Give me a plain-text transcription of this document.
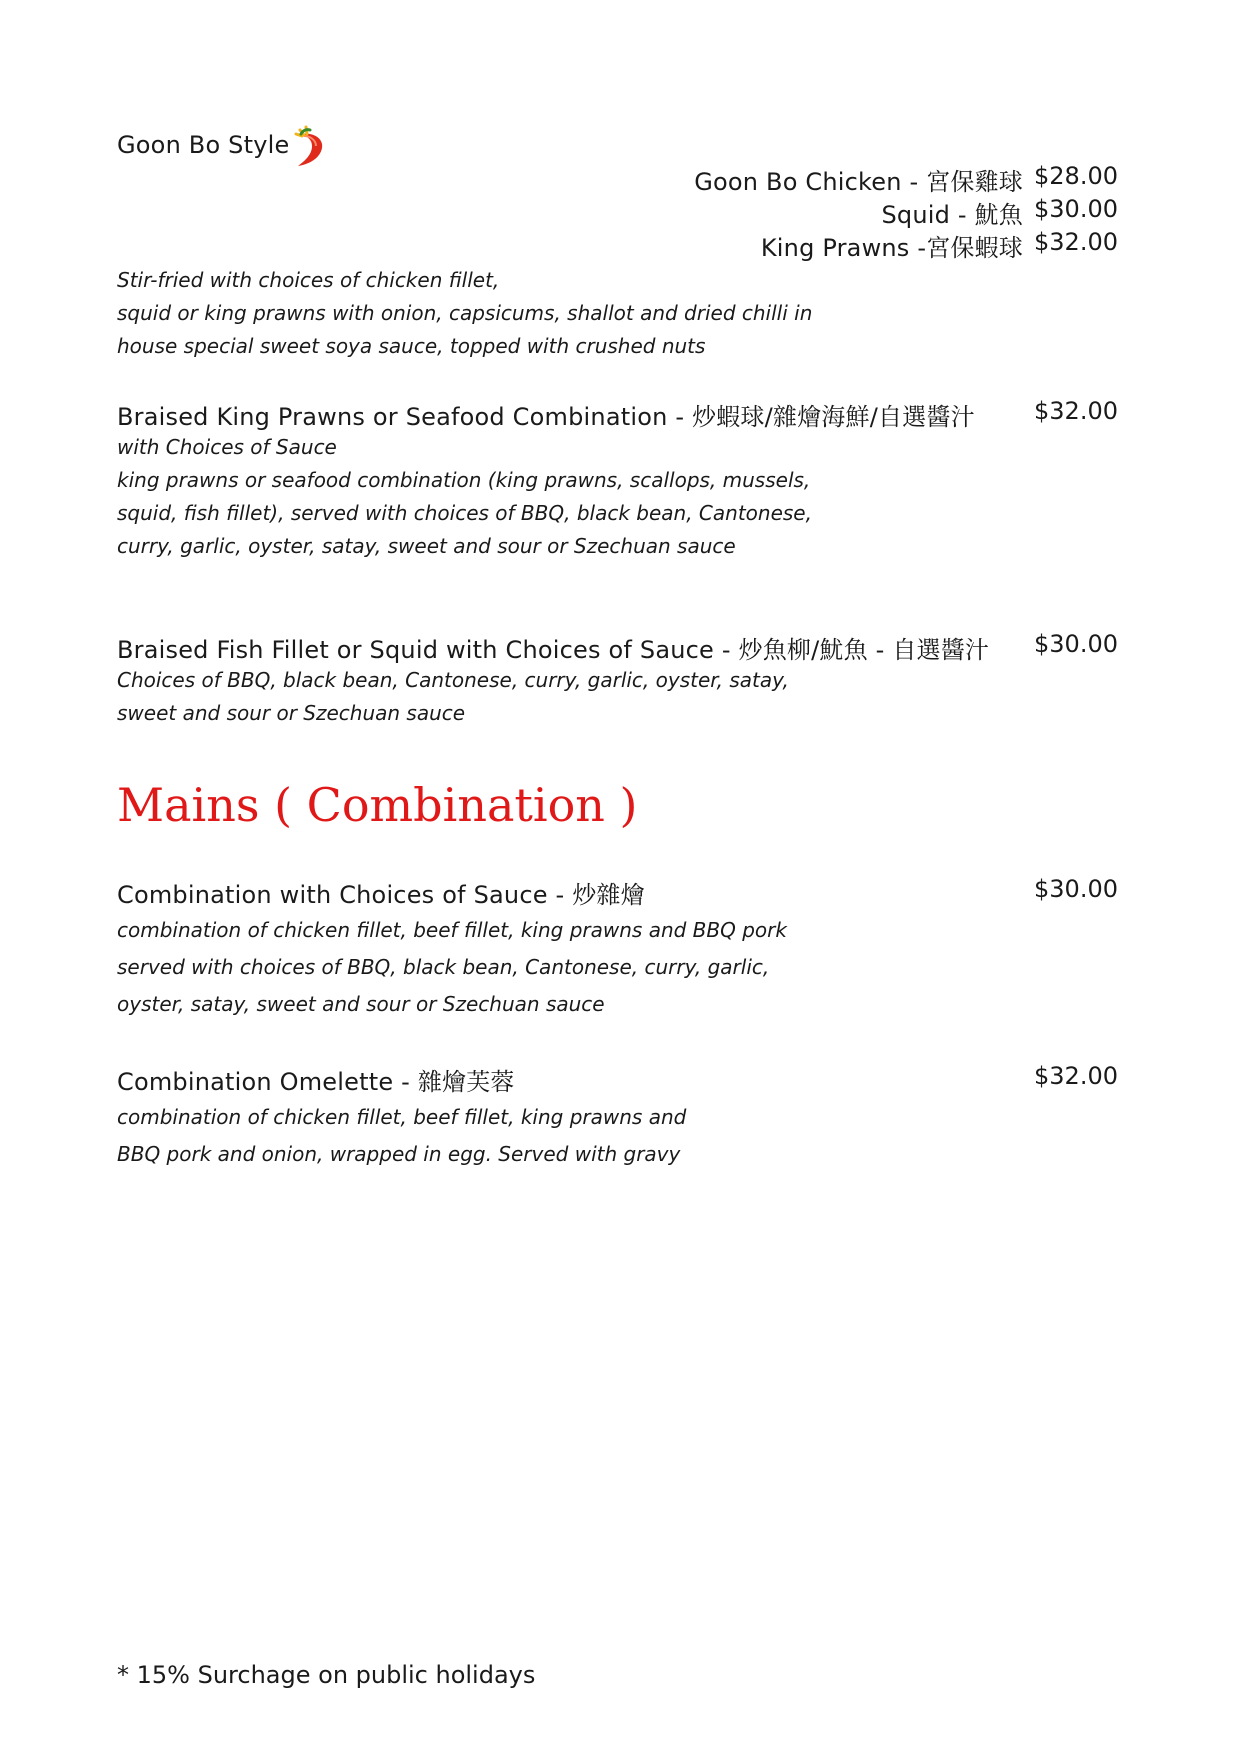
Goon Bo Style
Goon Bo Chicken - 宮保雞球 $28.00
Squid - 魷魚 $30.00
King Prawns -宮保蝦球 $32.00
Stir-fried with choices of chicken fillet,
squid or king prawns with onion, capsicums, shallot and dried chilli in
house special sweet soya sauce, topped with crushed nuts
Braised King Prawns or Seafood Combination - 炒蝦球/雜燴海鮮/自選醬汁	$32.00
with Choices of Sauce
king prawns or seafood combination (king prawns, scallops, mussels,
squid, fish fillet), served with choices of BBQ, black bean, Cantonese,
curry, garlic, oyster, satay, sweet and sour or Szechuan sauce
Braised Fish Fillet or Squid with Choices of Sauce - 炒魚柳/魷魚 - 自選醬汁	$30.00
Choices of BBQ, black bean, Cantonese, curry, garlic, oyster, satay,
sweet and sour or Szechuan sauce
Mains ( Combination )
Combination with Choices of Sauce - 炒雜燴	$30.00
combination of chicken fillet, beef fillet, king prawns and BBQ pork
served with choices of BBQ, black bean, Cantonese, curry, garlic,
oyster, satay, sweet and sour or Szechuan sauce
Combination Omelette - 雜燴芙蓉	$32.00
combination of chicken fillet, beef fillet, king prawns and
BBQ pork and onion, wrapped in egg. Served with gravy
* 15% Surchage on public holidays
